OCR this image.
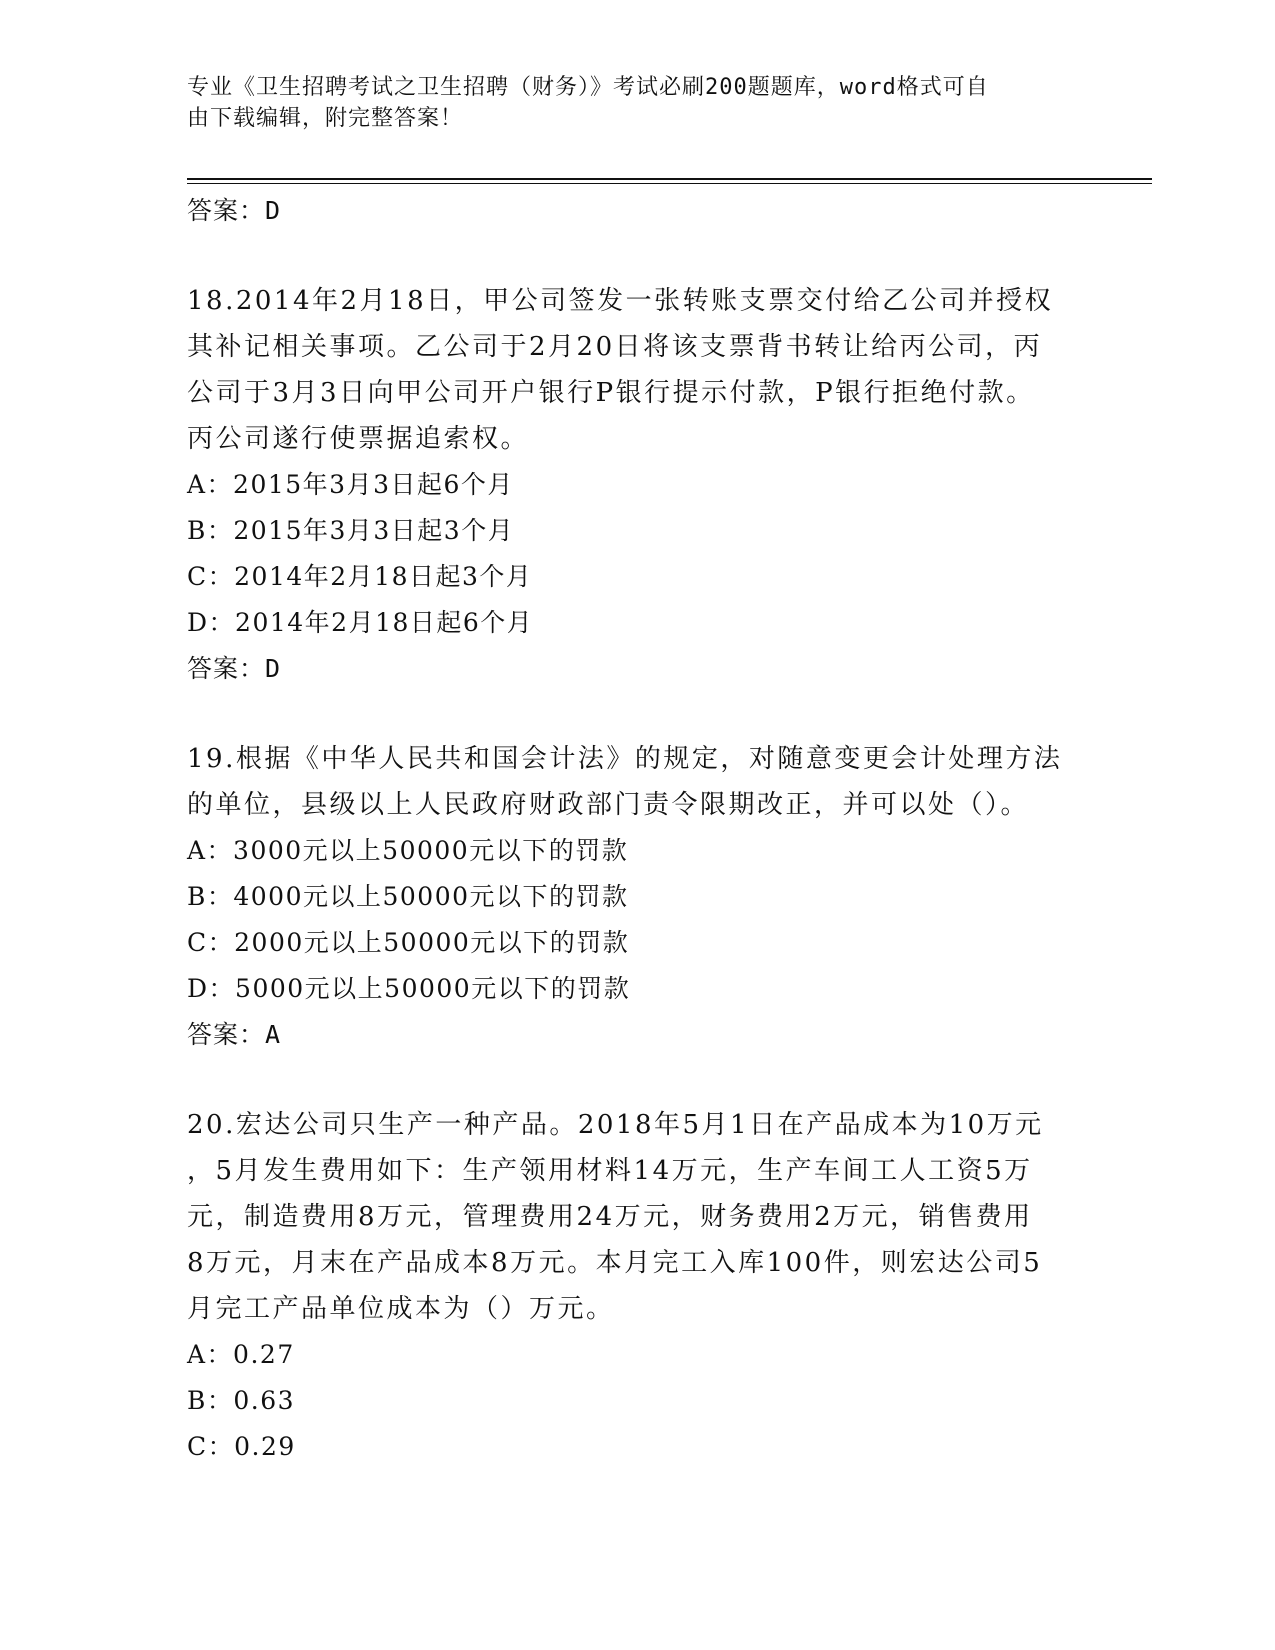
专业《卫生招聘考试之卫生招聘（财务）》考试必刷200题题库，word格式可自
由下载编辑，附完整答案！
答案：D
18.2014年2月18日，甲公司签发一张转账支票交付给乙公司并授权
其补记相关事项。乙公司于2月20日将该支票背书转让给丙公司，丙
公司于3月3日向甲公司开户银行P银行提示付款，P银行拒绝付款。
丙公司遂行使票据追索权。
A：2015年3月3日起6个月
B：2015年3月3日起3个月
C：2014年2月18日起3个月
D：2014年2月18日起6个月
答案：D
19.根据《中华人民共和国会计法》的规定，对随意变更会计处理方法
的单位，县级以上人民政府财政部门责令限期改正，并可以处（）。
A：3000元以上50000元以下的罚款
B：4000元以上50000元以下的罚款
C：2000元以上50000元以下的罚款
D：5000元以上50000元以下的罚款
答案：A
20.宏达公司只生产一种产品。2018年5月1日在产品成本为10万元
，5月发生费用如下：生产领用材料14万元，生产车间工人工资5万
元，制造费用8万元，管理费用24万元，财务费用2万元，销售费用
8万元，月末在产品成本8万元。本月完工入库100件，则宏达公司5
月完工产品单位成本为（）万元。
A：0.27
B：0.63
C：0.29
